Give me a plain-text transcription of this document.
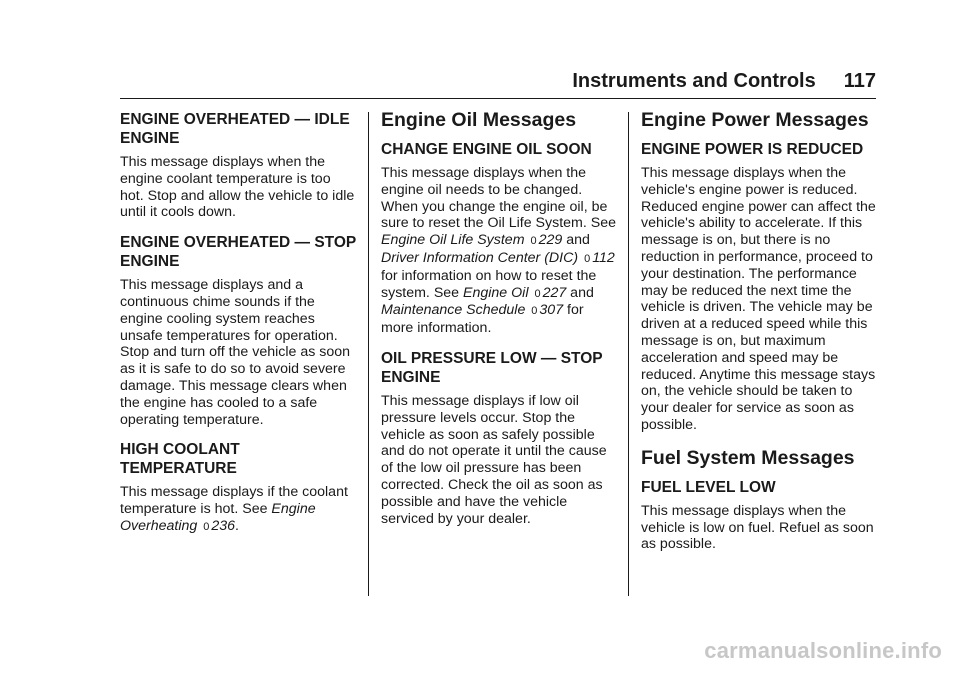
Instruments and Controls 117
ENGINE OVERHEATED — IDLE ENGINE

This message displays when the engine coolant temperature is too hot. Stop and allow the vehicle to idle until it cools down.

ENGINE OVERHEATED — STOP ENGINE

This message displays and a continuous chime sounds if the engine cooling system reaches unsafe temperatures for operation. Stop and turn off the vehicle as soon as it is safe to do so to avoid severe damage. This message clears when the engine has cooled to a safe operating temperature.

HIGH COOLANT TEMPERATURE

This message displays if the coolant temperature is hot. See Engine Overheating 0 236.

Engine Oil Messages
CHANGE ENGINE OIL SOON

This message displays when the engine oil needs to be changed. When you change the engine oil, be sure to reset the Oil Life System. See Engine Oil Life System 0 229 and Driver Information Center (DIC) 0 112 for information on how to reset the system. See Engine Oil 0 227 and Maintenance Schedule 0 307 for more information.

OIL PRESSURE LOW — STOP ENGINE

This message displays if low oil pressure levels occur. Stop the vehicle as soon as safely possible and do not operate it until the cause of the low oil pressure has been corrected. Check the oil as soon as possible and have the vehicle serviced by your dealer.

Engine Power Messages
ENGINE POWER IS REDUCED

This message displays when the vehicle's engine power is reduced. Reduced engine power can affect the vehicle's ability to accelerate. If this message is on, but there is no reduction in performance, proceed to your destination. The performance may be reduced the next time the vehicle is driven. The vehicle may be driven at a reduced speed while this message is on, but maximum acceleration and speed may be reduced. Anytime this message stays on, the vehicle should be taken to your dealer for service as soon as possible.

Fuel System Messages
FUEL LEVEL LOW

This message displays when the vehicle is low on fuel. Refuel as soon as possible.

carmanualsonline.info
